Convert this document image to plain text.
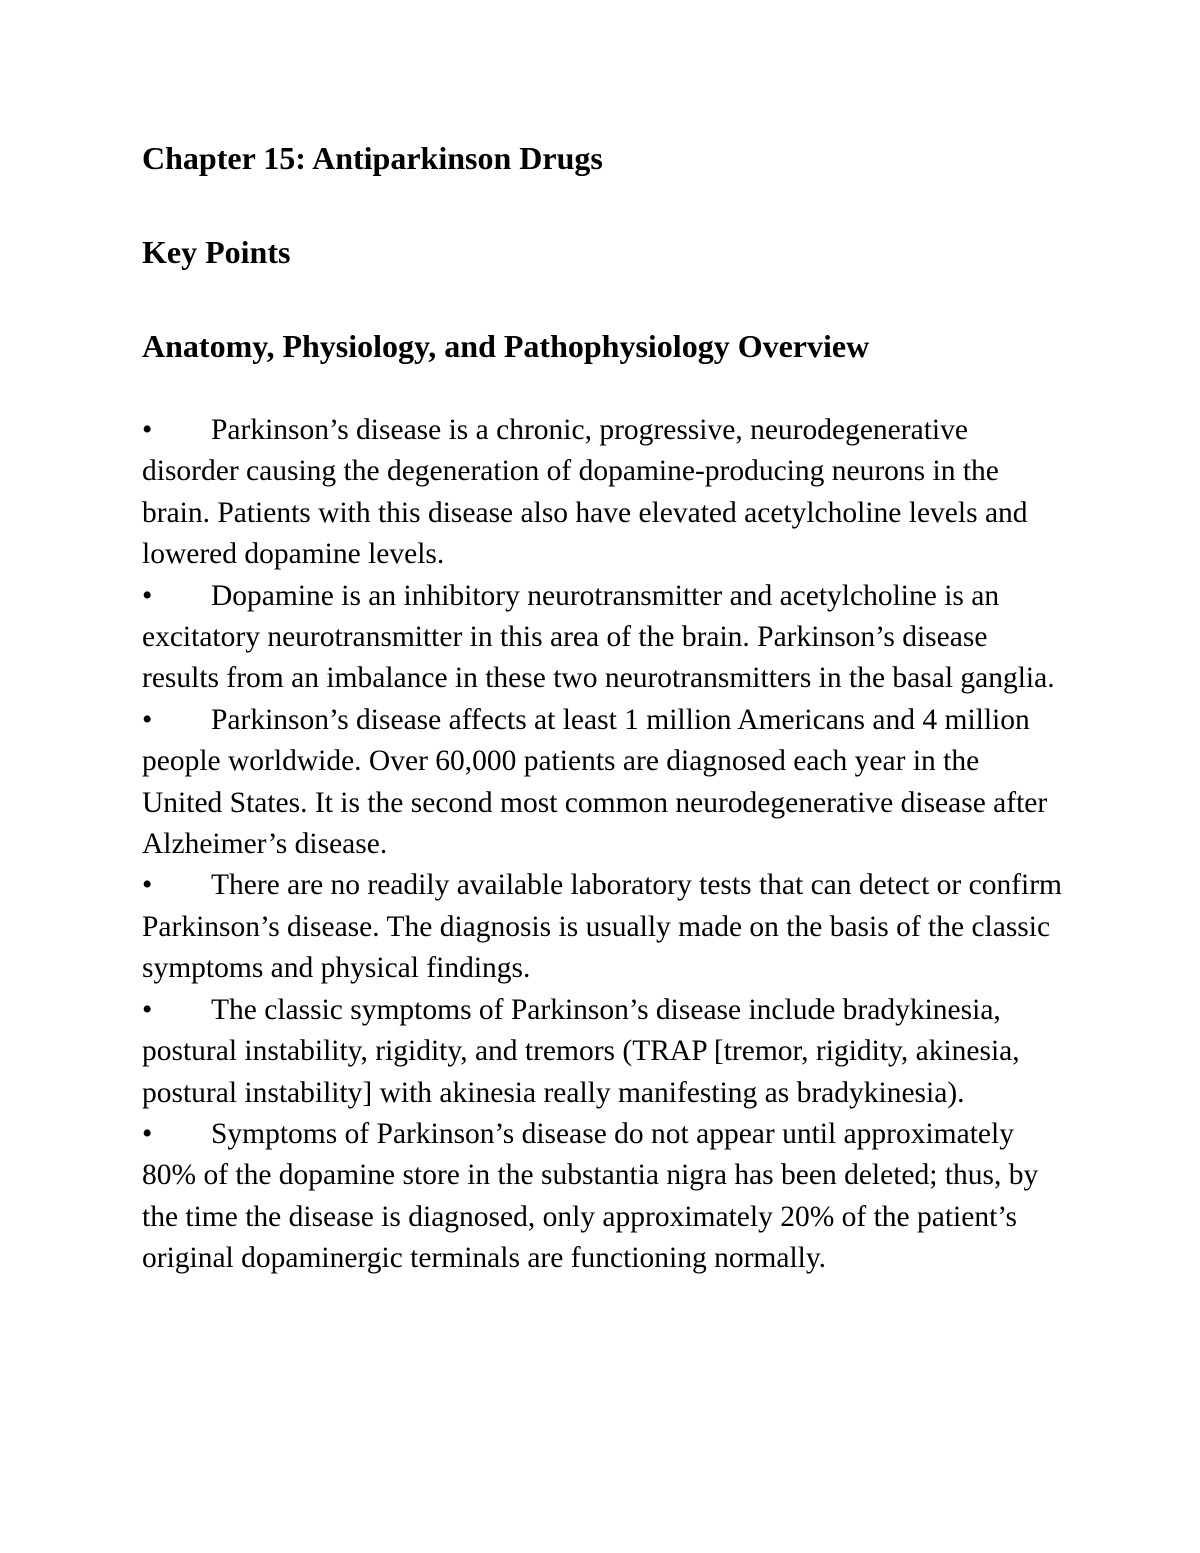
Chapter 15: Antiparkinson Drugs
Key Points
Anatomy, Physiology, and Pathophysiology Overview
• Parkinson’s disease is a chronic, progressive, neurodegenerative disorder causing the degeneration of dopamine-producing neurons in the brain. Patients with this disease also have elevated acetylcholine levels and lowered dopamine levels.
• Dopamine is an inhibitory neurotransmitter and acetylcholine is an excitatory neurotransmitter in this area of the brain. Parkinson’s disease results from an imbalance in these two neurotransmitters in the basal ganglia.
• Parkinson’s disease affects at least 1 million Americans and 4 million people worldwide. Over 60,000 patients are diagnosed each year in the United States. It is the second most common neurodegenerative disease after Alzheimer’s disease.
• There are no readily available laboratory tests that can detect or confirm Parkinson’s disease. The diagnosis is usually made on the basis of the classic symptoms and physical findings.
• The classic symptoms of Parkinson’s disease include bradykinesia, postural instability, rigidity, and tremors (TRAP [tremor, rigidity, akinesia, postural instability] with akinesia really manifesting as bradykinesia).
• Symptoms of Parkinson’s disease do not appear until approximately 80% of the dopamine store in the substantia nigra has been deleted; thus, by the time the disease is diagnosed, only approximately 20% of the patient’s original dopaminergic terminals are functioning normally.
